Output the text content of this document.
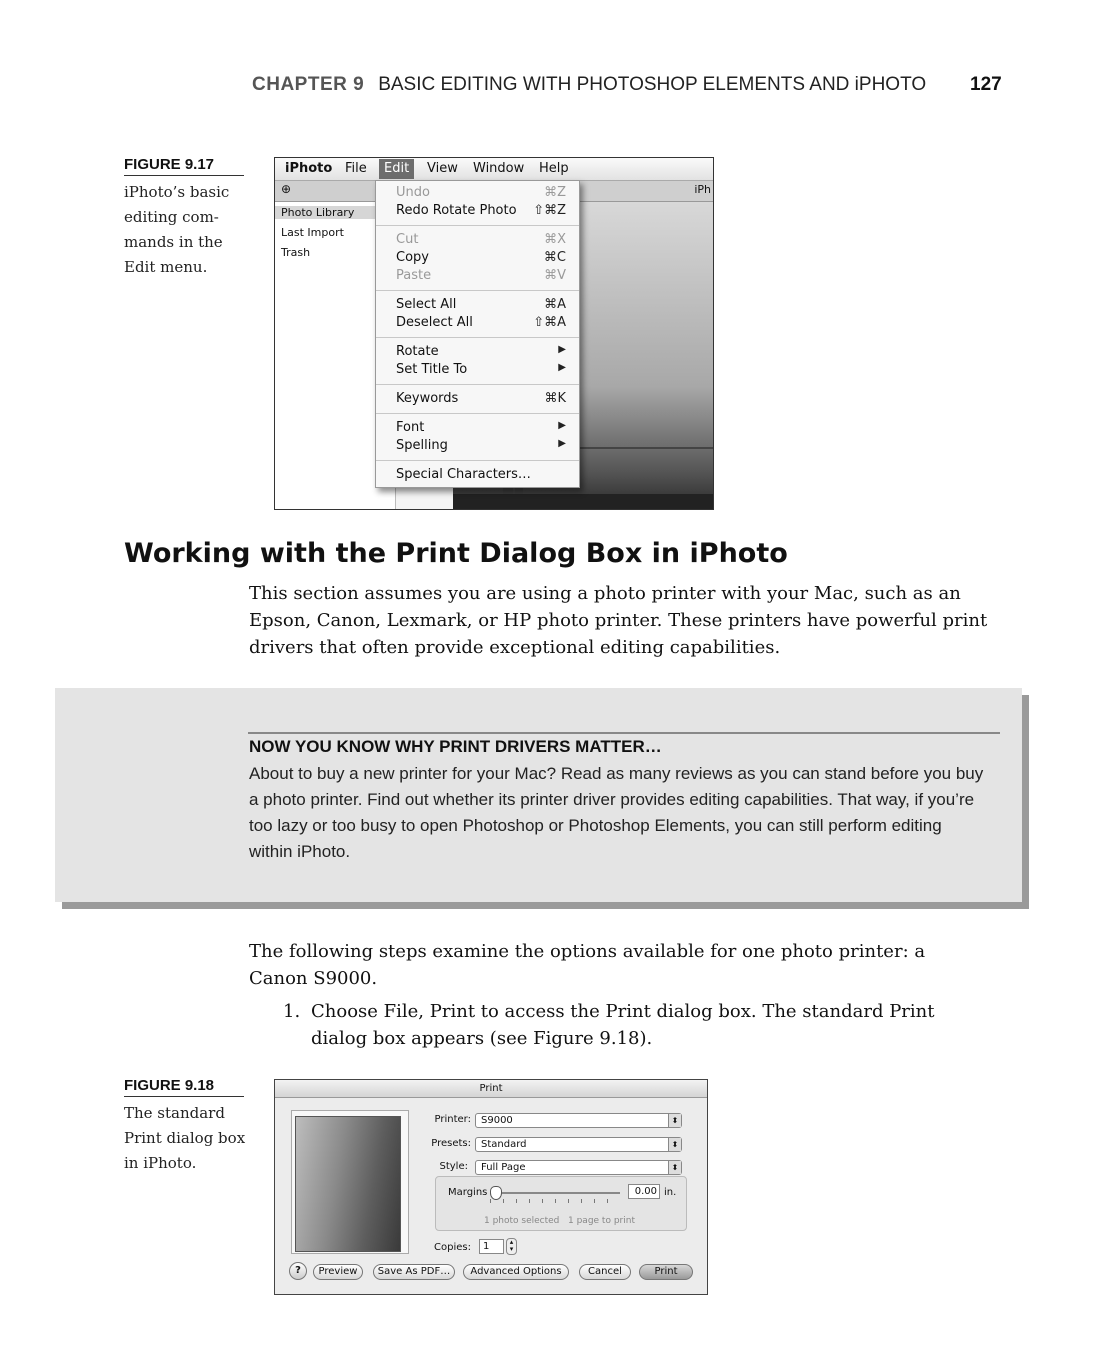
CHAPTER 9 BASIC EDITING WITH PHOTOSHOP ELEMENTS AND iPHOTO 127
FIGURE 9.17
iPhoto’s basic editing com-mands in the Edit menu.
iPhoto File	Edit	View Window Help
⊕	iPh
Photo Library
Last Import
Trash
Undo	⌘Z
Redo Rotate Photo ⇧⌘Z
Cut	⌘X
Copy	⌘C
Paste	⌘V
Select All	⌘A
Deselect All	⇧⌘A
Rotate	▶
Set Title To	▶
Keywords	⌘K
Font	▶
Spelling	▶
Special Characters…
Working with the Print Dialog Box in iPhoto
This section assumes you are using a photo printer with your Mac, such as an Epson, Canon, Lexmark, or HP photo printer. These printers have powerful print drivers that often provide exceptional editing capabilities.
NOW YOU KNOW WHY PRINT DRIVERS MATTER…
About to buy a new printer for your Mac? Read as many reviews as you can stand before you buy a photo printer. Find out whether its printer driver provides editing capabilities. That way, if you’re too lazy or too busy to open Photoshop or Photoshop Elements, you can still perform editing within iPhoto.
The following steps examine the options available for one photo printer: a Canon S9000.
1. Choose File, Print to access the Print dialog box. The standard Print dialog box appears (see Figure 9.18).
FIGURE 9.18
The standard Print dialog box in iPhoto.
Print
Printer:	S9000	⬍
Presets:	Standard	⬍
Style:	Full Page	⬍
Margins	0.00 in.
1 photo selected 1 page to print
Copies:	1	▴
▾
?	Preview	Save As PDF…	Advanced Options	Cancel	Print
